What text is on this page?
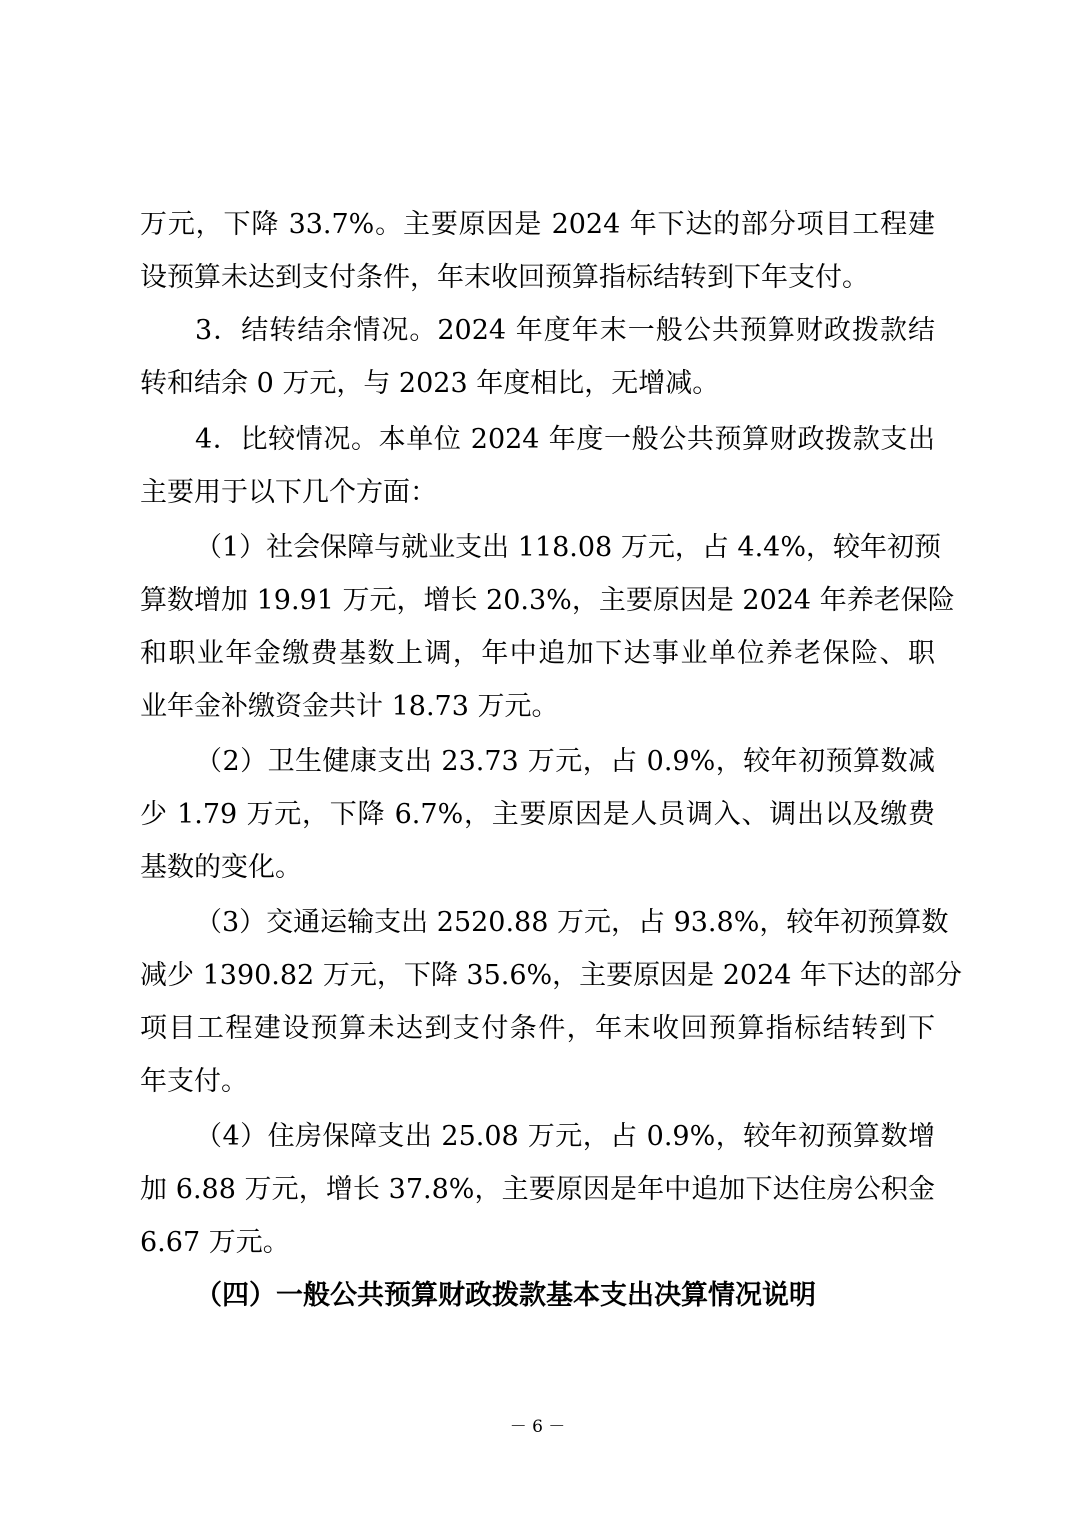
万元，下降 33.7%。主要原因是 2024 年下达的部分项目工程建
设预算未达到支付条件，年末收回预算指标结转到下年支付。
3．结转结余情况。2024 年度年末一般公共预算财政拨款结
转和结余 0 万元，与 2023 年度相比，无增减。
4．比较情况。本单位 2024 年度一般公共预算财政拨款支出
主要用于以下几个方面：
（1）社会保障与就业支出 118.08 万元，占 4.4%，较年初预
算数增加 19.91 万元，增长 20.3%，主要原因是 2024 年养老保险
和职业年金缴费基数上调，年中追加下达事业单位养老保险、职
业年金补缴资金共计 18.73 万元。
（2）卫生健康支出 23.73 万元，占 0.9%，较年初预算数减
少 1.79 万元，下降 6.7%，主要原因是人员调入、调出以及缴费
基数的变化。
（3）交通运输支出 2520.88 万元，占 93.8%，较年初预算数
减少 1390.82 万元，下降 35.6%，主要原因是 2024 年下达的部分
项目工程建设预算未达到支付条件，年末收回预算指标结转到下
年支付。
（4）住房保障支出 25.08 万元，占 0.9%，较年初预算数增
加 6.88 万元，增长 37.8%，主要原因是年中追加下达住房公积金
6.67 万元。
（四）一般公共预算财政拨款基本支出决算情况说明
－ 6 －
